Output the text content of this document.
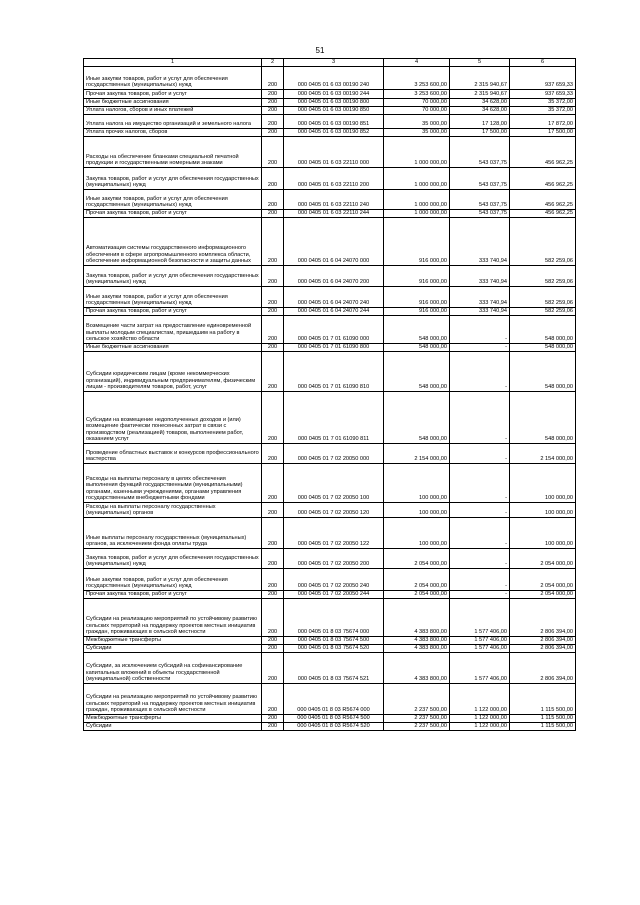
51
1	2	3	4	5	6

Иные закупки товаров, работ и услуг для обеспечения государственных (муниципальных) нужд	200	000 0405 01 6 03 00190 240	3 253 600,00	2 315 940,67	937 659,33

Прочая закупка товаров, работ и услуг	200	000 0405 01 6 03 00190 244	3 253 600,00	2 315 940,67	937 659,33

Иные бюджетные ассигнования	200	000 0405 01 6 03 00190 800	70 000,00	34 628,00	35 372,00

Уплата налогов, сборов и иных платежей	200	000 0405 01 6 03 00190 850	70 000,00	34 628,00	35 372,00

Уплата налога на имущество организаций и земельного налога	200	000 0405 01 6 03 00190 851	35 000,00	17 128,00	17 872,00

Уплата прочих налогов, сборов	200	000 0405 01 6 03 00190 852	35 000,00	17 500,00	17 500,00

Расходы на обеспечение бланками специальной печатной продукции и государственными номерными знаками	200	000 0405 01 6 03 22110 000	1 000 000,00	543 037,75	456 962,25

Закупка товаров, работ и услуг для обеспечения государственных (муниципальных) нужд	200	000 0405 01 6 03 22110 200	1 000 000,00	543 037,75	456 962,25

Иные закупки товаров, работ и услуг для обеспечения государственных (муниципальных) нужд	200	000 0405 01 6 03 22110 240	1 000 000,00	543 037,75	456 962,25

Прочая закупка товаров, работ и услуг	200	000 0405 01 6 03 22110 244	1 000 000,00	543 037,75	456 962,25

Автоматизация системы государственного информационного обеспечения в сфере агропромышленного комплекса области, обеспечение информационной безопасности и защиты данных	200	000 0405 01 6 04 24070 000	916 000,00	333 740,94	582 259,06

Закупка товаров, работ и услуг для обеспечения государственных (муниципальных) нужд	200	000 0405 01 6 04 24070 200	916 000,00	333 740,94	582 259,06

Иные закупки товаров, работ и услуг для обеспечения государственных (муниципальных) нужд	200	000 0405 01 6 04 24070 240	916 000,00	333 740,94	582 259,06

Прочая закупка товаров, работ и услуг	200	000 0405 01 6 04 24070 244	916 000,00	333 740,94	582 259,06

Возмещение части затрат на предоставление единовременной выплаты молодым специалистам, пришедшим на работу в сельское хозяйство области	200	000 0405 01 7 01 61090 000	548 000,00	-	548 000,00

Иные бюджетные ассигнования	200	000 0405 01 7 01 61090 800	548 000,00	-	548 000,00

Субсидии юридическим лицам (кроме некоммерческих организаций), индивидуальным предпринимателям, физическим лицам - производителям товаров, работ, услуг	200	000 0405 01 7 01 61090 810	548 000,00	-	548 000,00

Субсидии на возмещение недополученных доходов и (или) возмещение фактически понесенных затрат в связи с производством (реализацией) товаров, выполнением работ, оказанием услуг	200	000 0405 01 7 01 61090 811	548 000,00	-	548 000,00

Проведение областных выставок и конкурсов профессионального мастерства	200	000 0405 01 7 02 20050 000	2 154 000,00	-	2 154 000,00

Расходы на выплаты персоналу в целях обеспечения выполнения функций государственными (муниципальными) органами, казенными учреждениями, органами управления государственными внебюджетными фондами	200	000 0405 01 7 02 20050 100	100 000,00	-	100 000,00

Расходы на выплаты персоналу государственных (муниципальных) органов	200	000 0405 01 7 02 20050 120	100 000,00	-	100 000,00

Иные выплаты персоналу государственных (муниципальных) органов, за исключением фонда оплаты труда	200	000 0405 01 7 02 20050 122	100 000,00	-	100 000,00

Закупка товаров, работ и услуг для обеспечения государственных (муниципальных) нужд	200	000 0405 01 7 02 20050 200	2 054 000,00	-	2 054 000,00

Иные закупки товаров, работ и услуг для обеспечения государственных (муниципальных) нужд	200	000 0405 01 7 02 20050 240	2 054 000,00	-	2 054 000,00

Прочая закупка товаров, работ и услуг	200	000 0405 01 7 02 20050 244	2 054 000,00	-	2 054 000,00

Субсидии на реализацию мероприятий по устойчивому развитию сельских территорий на поддержку проектов местных инициатив граждан, проживающих в сельской местности	200	000 0405 01 8 03 75674 000	4 383 800,00	1 577 406,00	2 806 394,00

Межбюджетные трансферты	200	000 0405 01 8 03 75674 500	4 383 800,00	1 577 406,00	2 806 394,00

Субсидии	200	000 0405 01 8 03 75674 520	4 383 800,00	1 577 406,00	2 806 394,00

Субсидии, за исключением субсидий на софинансирование капитальных вложений в объекты государственной (муниципальной) собственности	200	000 0405 01 8 03 75674 521	4 383 800,00	1 577 406,00	2 806 394,00

Субсидии на реализацию мероприятий по устойчивому развитию сельских территорий на поддержку проектов местных инициатив граждан, проживающих в сельской местности	200	000 0405 01 8 03 R5674 000	2 237 500,00	1 122 000,00	1 115 500,00

Межбюджетные трансферты	200	000 0405 01 8 03 R5674 500	2 237 500,00	1 122 000,00	1 115 500,00

Субсидии	200	000 0405 01 8 03 R5674 520	2 237 500,00	1 122 000,00	1 115 500,00
